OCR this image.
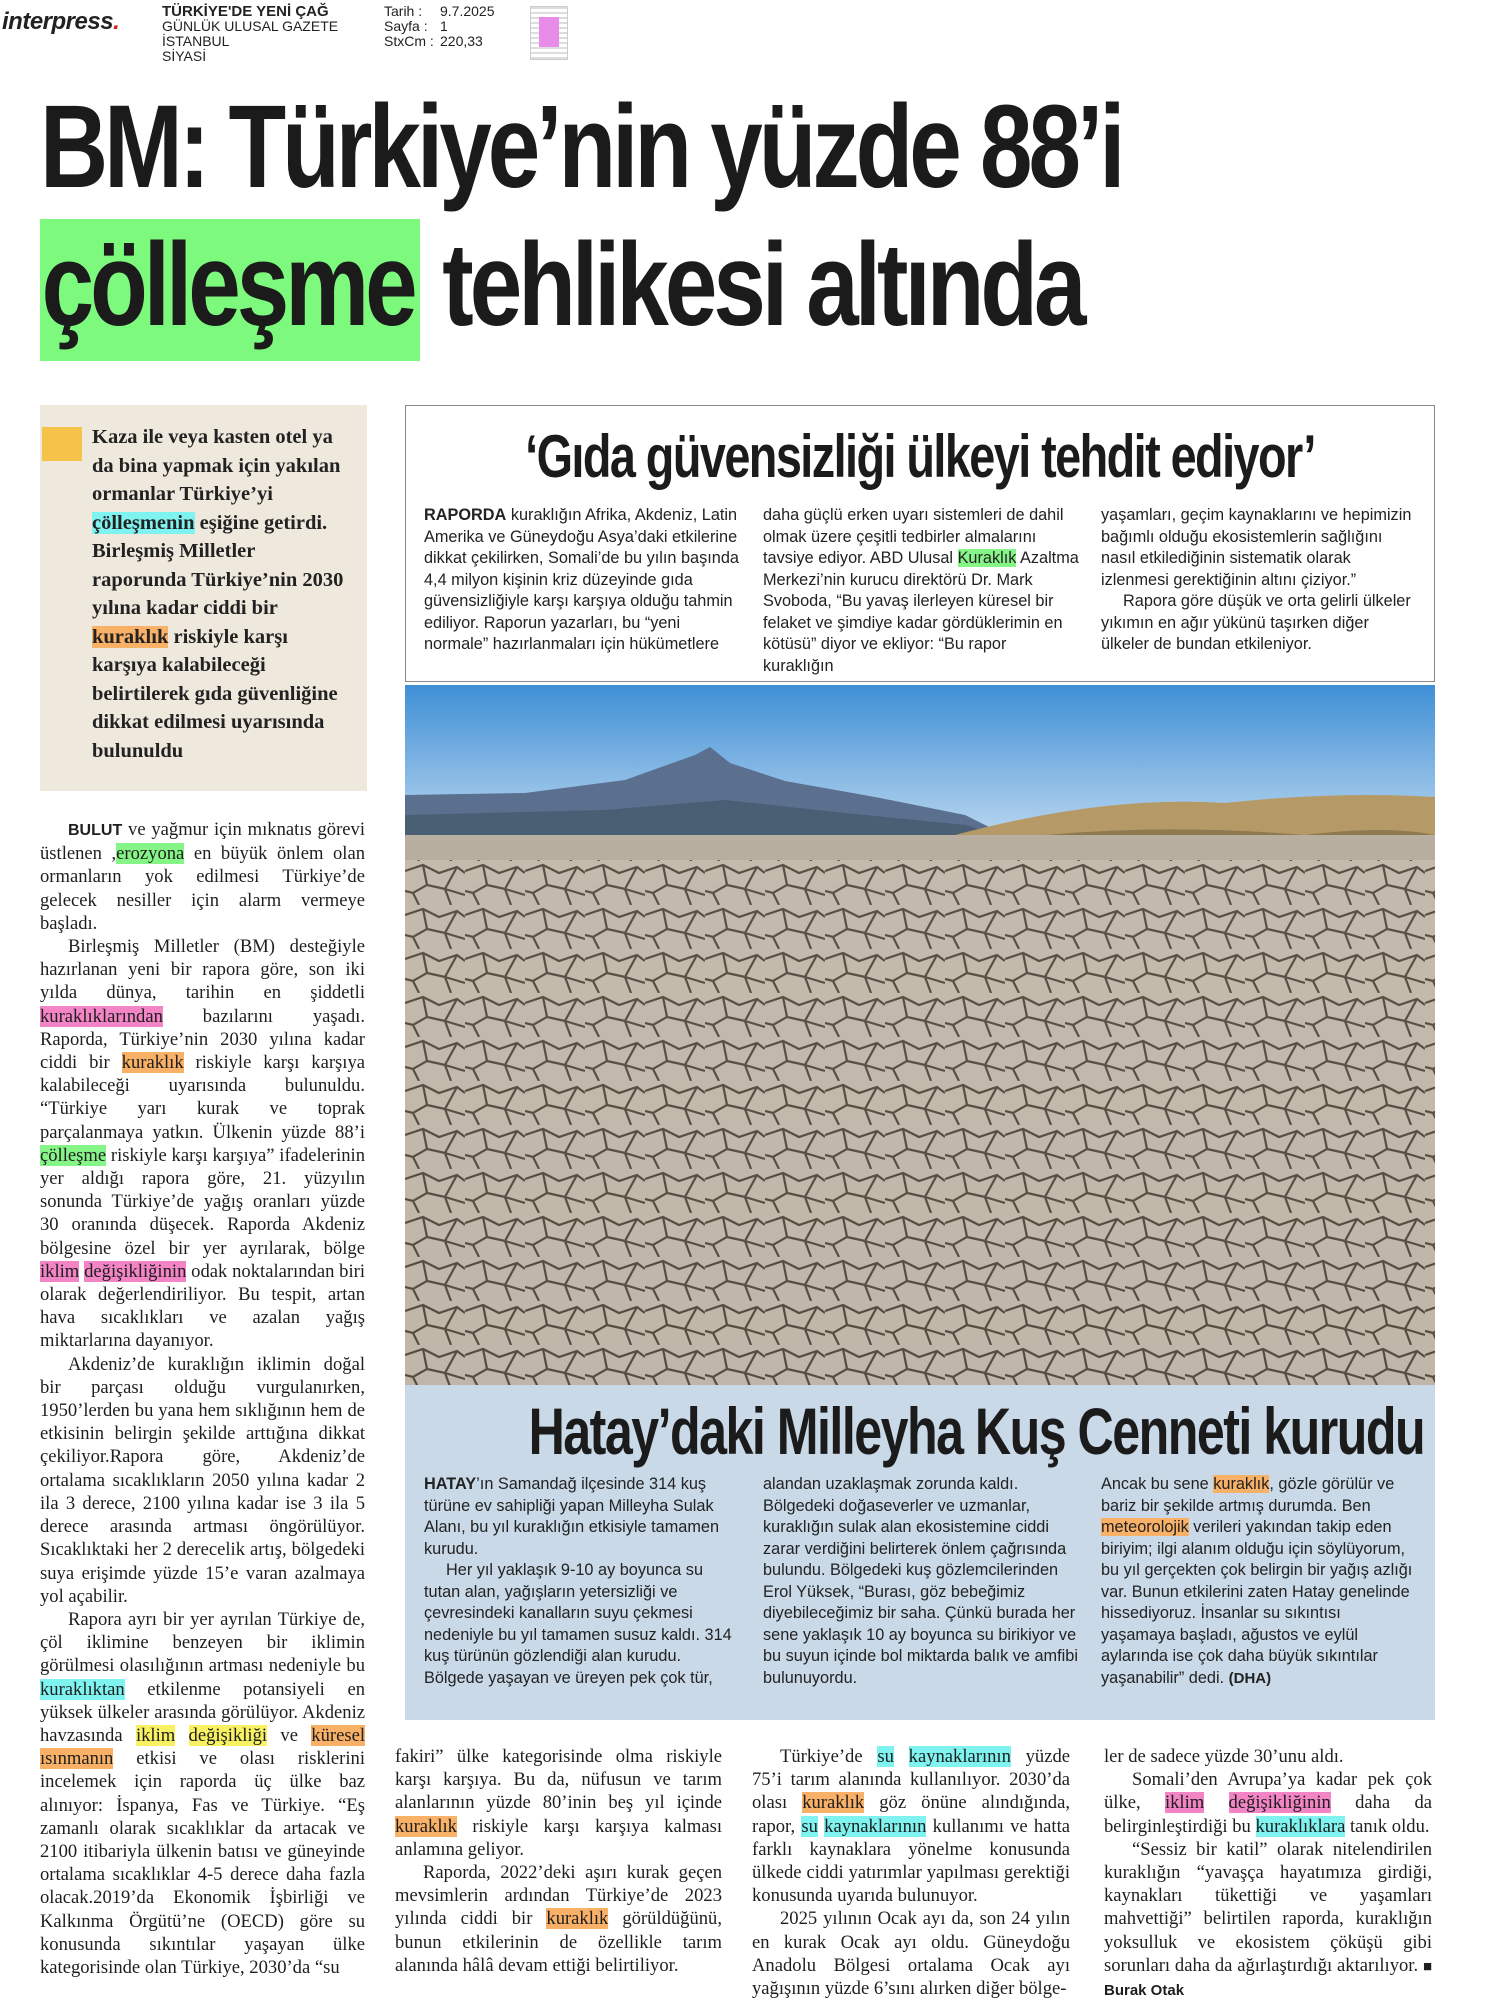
interpress.	TÜRKİYE'DE YENİ ÇAĞ
GÜNLÜK ULUSAL GAZETE
İSTANBUL
SİYASİ
Tarih :	9.7.2025
Sayfa : 1
StxCm : 220,33
BM: Türkiye’nin yüzde 88’i
çölleşme tehlikesi altında
Kaza ile veya kasten otel ya da bina yapmak için yakılan ormanlar Türkiye’yi çölleşmenin eşiğine getirdi. Birleşmiş Milletler raporunda Türkiye’nin 2030 yılına kadar ciddi bir kuraklık riskiyle karşı karşıya kalabileceği belirtilerek gıda güvenliğine dikkat edilmesi uyarısında bulunuldu
‘Gıda güvensizliği ülkeyi tehdit ediyor’

RAPORDA kuraklığın Afrika, Akdeniz, Latin Amerika ve Güneydoğu Asya’daki etkilerine dikkat çekilirken, Somali’de bu yılın başında 4,4 milyon kişinin kriz düzeyinde gıda güvensizliğiyle karşı karşıya olduğu tahmin ediliyor. Raporun yazarları, bu “yeni normale” hazırlanmaları için hükümetlere

daha güçlü erken uyarı sistemleri de dahil olmak üzere çeşitli tedbirler almalarını tavsiye ediyor. ABD Ulusal Kuraklık Azaltma Merkezi’nin kurucu direktörü Dr. Mark Svoboda, “Bu yavaş ilerleyen küresel bir felaket ve şimdiye kadar gördüklerimin en kötüsü” diyor ve ekliyor: “Bu rapor kuraklığın

yaşamları, geçim kaynaklarını ve hepimizin bağımlı olduğu ekosistemlerin sağlığını nasıl etkilediğinin sistematik olarak izlenmesi gerektiğinin altını çiziyor.”

Rapora göre düşük ve orta gelirli ülkeler yıkımın en ağır yükünü taşırken diğer ülkeler de bundan etkileniyor.

Hatay’daki Milleyha Kuş Cenneti kurudu

HATAY’ın Samandağ ilçesinde 314 kuş türüne ev sahipliği yapan Milleyha Sulak Alanı, bu yıl kuraklığın etkisiyle tamamen kurudu.

Her yıl yaklaşık 9-10 ay boyunca su tutan alan, yağışların yetersizliği ve çevresindeki kanalların suyu çekmesi nedeniyle bu yıl tamamen susuz kaldı. 314 kuş türünün gözlendiği alan kurudu. Bölgede yaşayan ve üreyen pek çok tür,

alandan uzaklaşmak zorunda kaldı. Bölgedeki doğaseverler ve uzmanlar, kuraklığın sulak alan ekosistemine ciddi zarar verdiğini belirterek önlem çağrısında bulundu. Bölgedeki kuş gözlemcilerinden Erol Yüksek, “Burası, göz bebeğimiz diyebileceğimiz bir saha. Çünkü burada her sene yaklaşık 10 ay boyunca su birikiyor ve bu suyun içinde bol miktarda balık ve amfibi bulunuyordu.

Ancak bu sene kuraklık, gözle görülür ve bariz bir şekilde artmış durumda. Ben meteorolojik verileri yakından takip eden biriyim; ilgi alanım olduğu için söylüyorum, bu yıl gerçekten çok belirgin bir yağış azlığı var. Bunun etkilerini zaten Hatay genelinde hissediyoruz. İnsanlar su sıkıntısı yaşamaya başladı, ağustos ve eylül aylarında ise çok daha büyük sıkıntılar yaşanabilir” dedi. (DHA)

BULUT ve yağmur için mıknatıs görevi üstlenen ,erozyona en büyük önlem olan ormanların yok edilmesi Türkiye’de gelecek nesiller için alarm vermeye başladı.

Birleşmiş Milletler (BM) desteğiyle hazırlanan yeni bir rapora göre, son iki yılda dünya, tarihin en şiddetli kuraklıklarından bazılarını yaşadı. Raporda, Türkiye’nin 2030 yılına kadar ciddi bir kuraklık riskiyle karşı karşıya kalabileceği uyarısında bulunuldu. “Türkiye yarı kurak ve toprak parçalanmaya yatkın. Ülkenin yüzde 88’i çölleşme riskiyle karşı karşıya” ifadelerinin yer aldığı rapora göre, 21. yüzyılın sonunda Türkiye’de yağış oranları yüzde 30 oranında düşecek. Raporda Akdeniz bölgesine özel bir yer ayrılarak, bölge iklim değişikliğinin odak noktalarından biri olarak değerlendiriliyor. Bu tespit, artan hava sıcaklıkları ve azalan yağış miktarlarına dayanıyor.

Akdeniz’de kuraklığın iklimin doğal bir parçası olduğu vurgulanırken, 1950’lerden bu yana hem sıklığının hem de etkisinin belirgin şekilde arttığına dikkat çekiliyor.Rapora göre, Akdeniz’de ortalama sıcaklıkların 2050 yılına kadar 2 ila 3 derece, 2100 yılına kadar ise 3 ila 5 derece arasında artması öngörülüyor. Sıcaklıktaki her 2 derecelik artış, bölgedeki suya erişimde yüzde 15’e varan azalmaya yol açabilir.

Rapora ayrı bir yer ayrılan Türkiye de, çöl iklimine benzeyen bir iklimin görülmesi olasılığının artması nedeniyle bu kuraklıktan etkilenme potansiyeli en yüksek ülkeler arasında görülüyor. Akdeniz havzasında iklim değişikliği ve küresel ısınmanın etkisi ve olası risklerini incelemek için raporda üç ülke baz alınıyor: İspanya, Fas ve Türkiye. “Eş zamanlı olarak sıcaklıklar da artacak ve 2100 itibariyla ülkenin batısı ve güneyinde ortalama sıcaklıklar 4-5 derece daha fazla olacak.2019’da Ekonomik İşbirliği ve Kalkınma Örgütü’ne (OECD) göre su konusunda sıkıntılar yaşayan ülke kategorisinde olan Türkiye, 2030’da “su

fakiri” ülke kategorisinde olma riskiyle karşı karşıya. Bu da, nüfusun ve tarım alanlarının yüzde 80’inin beş yıl içinde kuraklık riskiyle karşı karşıya kalması anlamına geliyor.

Raporda, 2022’deki aşırı kurak geçen mevsimlerin ardından Türkiye’de 2023 yılında ciddi bir kuraklık görüldüğünü, bunun etkilerinin de özellikle tarım alanında hâlâ devam ettiği belirtiliyor.

Türkiye’de su kaynaklarının yüzde 75’i tarım alanında kullanılıyor. 2030’da olası kuraklık göz önüne alındığında, rapor, su kaynaklarının kullanımı ve hatta farklı kaynaklara yönelme konusunda ülkede ciddi yatırımlar yapılması gerektiği konusunda uyarıda bulunuyor.

2025 yılının Ocak ayı da, son 24 yılın en kurak Ocak ayı oldu. Güneydoğu Anadolu Bölgesi ortalama Ocak ayı yağışının yüzde 6’sını alırken diğer bölge-

ler de sadece yüzde 30’unu aldı.

Somali’den Avrupa’ya kadar pek çok ülke, iklim değişikliğinin daha da belirginleştirdiği bu kuraklıklara tanık oldu.

“Sessiz bir katil” olarak nitelendirilen kuraklığın “yavaşça hayatımıza girdiği, kaynakları tükettiği ve yaşamları mahvettiği” belirtilen raporda, kuraklığın yoksulluk ve ekosistem çöküşü gibi sorunları daha da ağırlaştırdığı aktarılıyor. ■ Burak Otak
